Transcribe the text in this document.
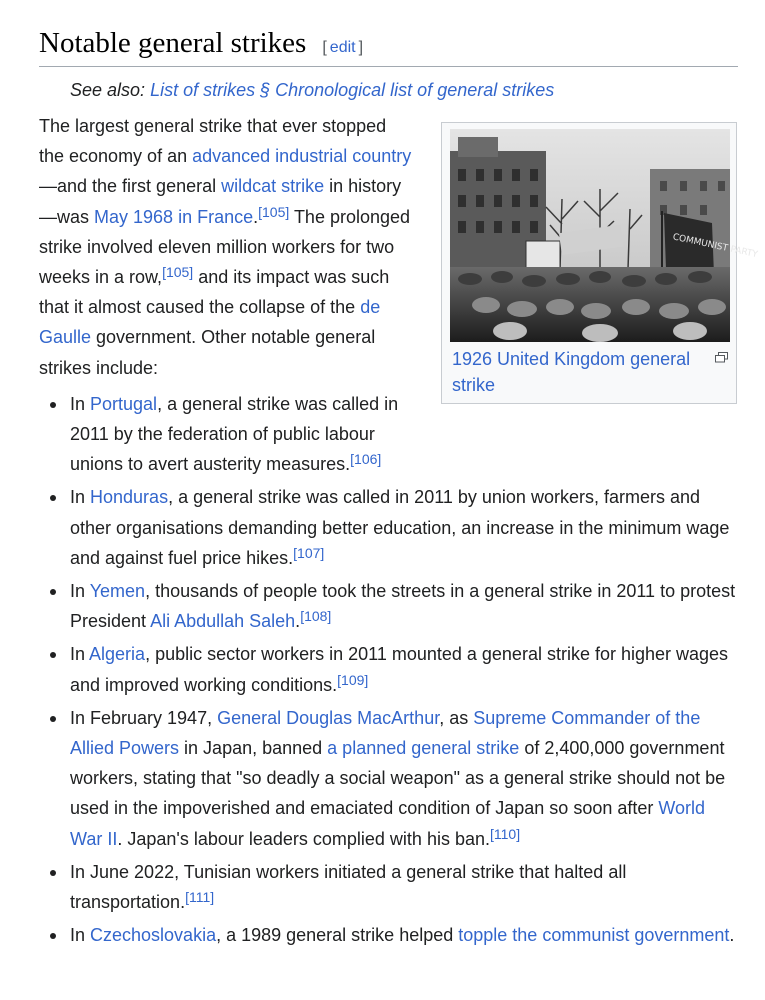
Notable general strikes [ edit ]
See also: List of strikes § Chronological list of general strikes
COMMUNIST PARTY
1926 United Kingdom general strike

The largest general strike that ever stopped the economy of an advanced industrial country—and the first general wildcat strike in history—was May 1968 in France.[105] The prolonged strike involved eleven million workers for two weeks in a row,[105] and its impact was such that it almost caused the collapse of the de Gaulle government. Other notable general strikes include:

In Portugal, a general strike was called in 2011 by the federation of public labour unions to avert austerity measures.[106]
In Honduras, a general strike was called in 2011 by union workers, farmers and other organisations demanding better education, an increase in the minimum wage and against fuel price hikes.[107]
In Yemen, thousands of people took the streets in a general strike in 2011 to protest President Ali Abdullah Saleh.[108]
In Algeria, public sector workers in 2011 mounted a general strike for higher wages and improved working conditions.[109]
In February 1947, General Douglas MacArthur, as Supreme Commander of the Allied Powers in Japan, banned a planned general strike of 2,400,000 government workers, stating that "so deadly a social weapon" as a general strike should not be used in the impoverished and emaciated condition of Japan so soon after World War II. Japan's labour leaders complied with his ban.[110]
In June 2022, Tunisian workers initiated a general strike that halted all transportation.[111]
In Czechoslovakia, a 1989 general strike helped topple the communist government.
